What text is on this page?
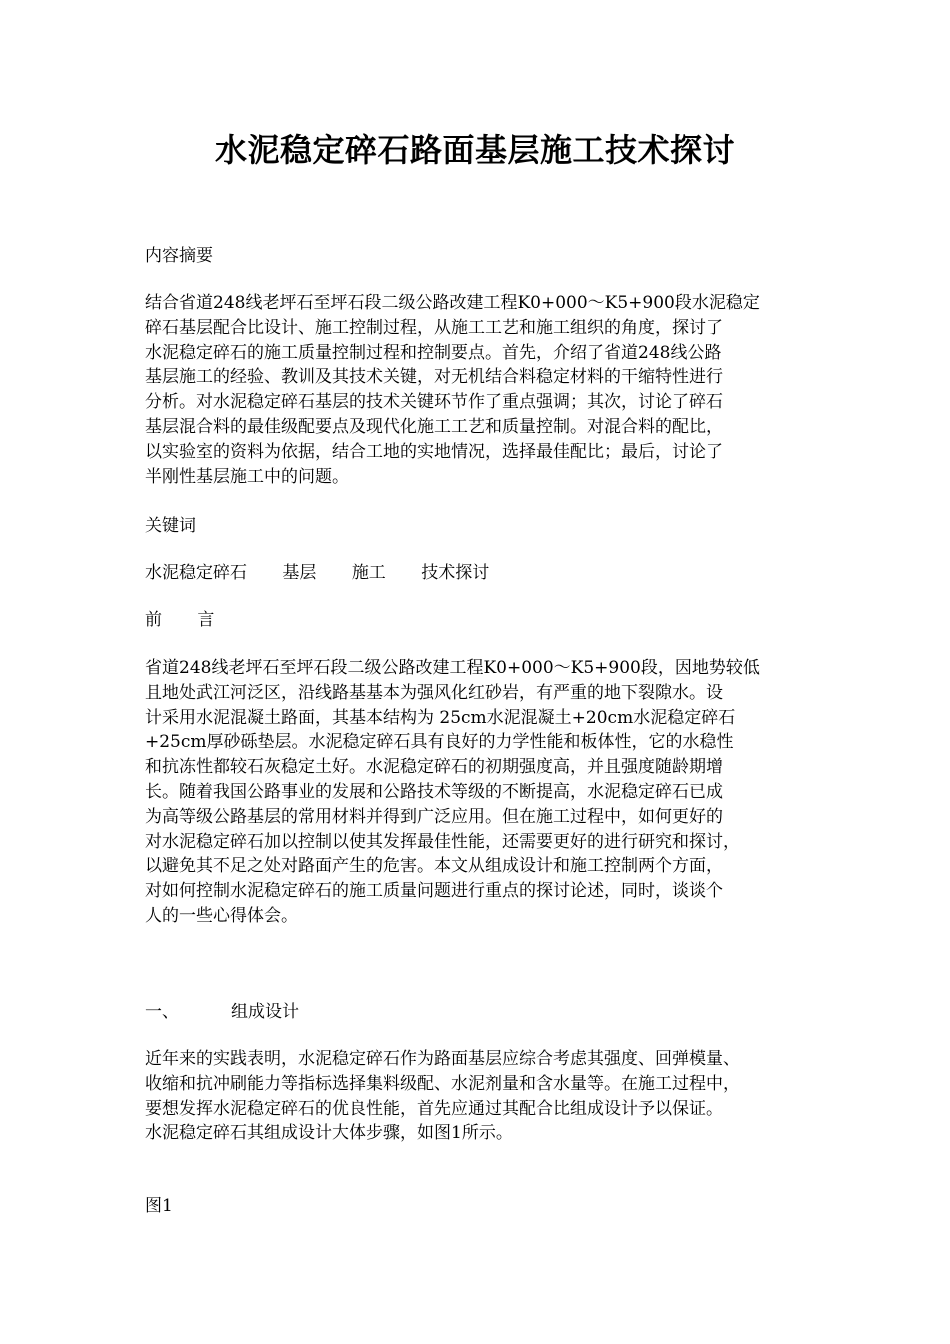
水泥稳定碎石路面基层施工技术探讨
内容摘要
结合省道248线老坪石至坪石段二级公路改建工程K0+000～K5+900段水泥稳定
碎石基层配合比设计、施工控制过程，从施工工艺和施工组织的角度，探讨了
水泥稳定碎石的施工质量控制过程和控制要点。首先，介绍了省道248线公路
基层施工的经验、教训及其技术关键，对无机结合料稳定材料的干缩特性进行
分析。对水泥稳定碎石基层的技术关键环节作了重点强调；其次，讨论了碎石
基层混合料的最佳级配要点及现代化施工工艺和质量控制。对混合料的配比，
以实验室的资料为依据，结合工地的实地情况，选择最佳配比；最后，讨论了
半刚性基层施工中的问题。
关键词
水泥稳定碎石 基层 施工 技术探讨
前 言
省道248线老坪石至坪石段二级公路改建工程K0+000～K5+900段，因地势较低
且地处武江河泛区，沿线路基基本为强风化红砂岩，有严重的地下裂隙水。设
计采用水泥混凝土路面，其基本结构为 25cm水泥混凝土+20cm水泥稳定碎石
+25cm厚砂砾垫层。水泥稳定碎石具有良好的力学性能和板体性，它的水稳性
和抗冻性都较石灰稳定土好。水泥稳定碎石的初期强度高，并且强度随龄期增
长。随着我国公路事业的发展和公路技术等级的不断提高，水泥稳定碎石已成
为高等级公路基层的常用材料并得到广泛应用。但在施工过程中，如何更好的
对水泥稳定碎石加以控制以使其发挥最佳性能，还需要更好的进行研究和探讨，
以避免其不足之处对路面产生的危害。本文从组成设计和施工控制两个方面，
对如何控制水泥稳定碎石的施工质量问题进行重点的探讨论述，同时，谈谈个
人的一些心得体会。
一、	组成设计
近年来的实践表明，水泥稳定碎石作为路面基层应综合考虑其强度、回弹模量、
收缩和抗冲刷能力等指标选择集料级配、水泥剂量和含水量等。在施工过程中，
要想发挥水泥稳定碎石的优良性能，首先应通过其配合比组成设计予以保证。
水泥稳定碎石其组成设计大体步骤，如图1所示。
图1
